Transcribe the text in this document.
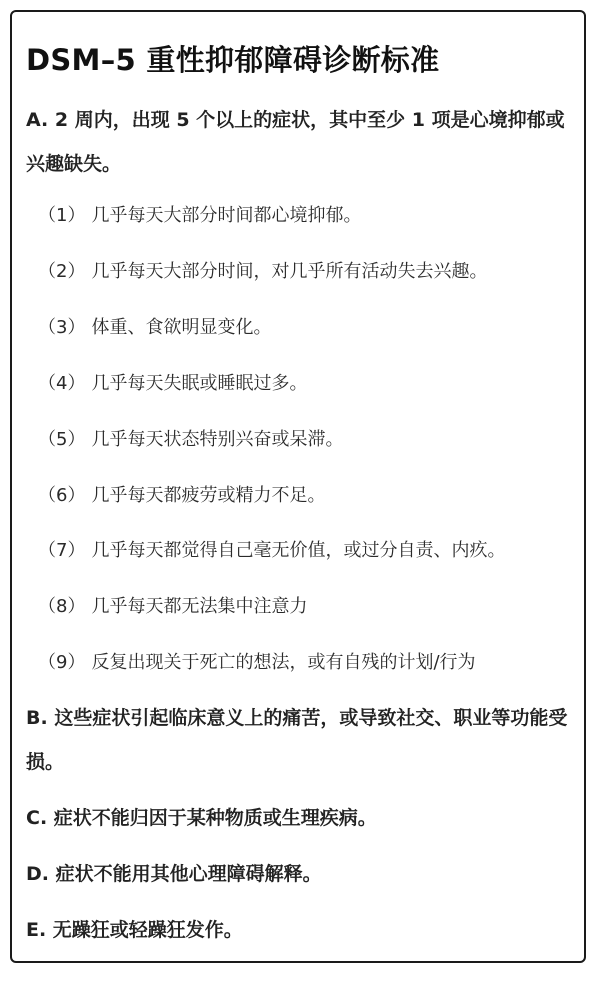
DSM–5 重性抑郁障碍诊断标准

A. 2 周内，出现 5 个以上的症状，其中至少 1 项是心境抑郁或兴趣缺失。

（1） 几乎每天大部分时间都心境抑郁。

（2） 几乎每天大部分时间，对几乎所有活动失去兴趣。

（3） 体重、食欲明显变化。

（4） 几乎每天失眠或睡眠过多。

（5） 几乎每天状态特别兴奋或呆滞。

（6） 几乎每天都疲劳或精力不足。

（7） 几乎每天都觉得自己毫无价值，或过分自责、内疚。

（8） 几乎每天都无法集中注意力

（9） 反复出现关于死亡的想法，或有自残的计划/行为

B. 这些症状引起临床意义上的痛苦，或导致社交、职业等功能受损。

C. 症状不能归因于某种物质或生理疾病。

D. 症状不能用其他心理障碍解释。

E. 无躁狂或轻躁狂发作。
